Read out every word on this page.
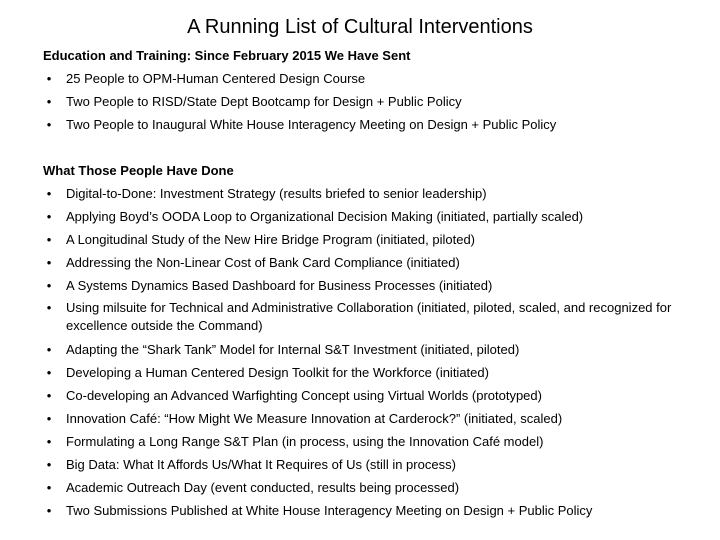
A Running List of Cultural Interventions
Education and Training: Since February 2015 We Have Sent
• 25 People to OPM-Human Centered Design Course
• Two People to RISD/State Dept Bootcamp for Design + Public Policy
• Two People to Inaugural White House Interagency Meeting on Design + Public Policy
What Those People Have Done
• Digital-to-Done: Investment Strategy (results briefed to senior leadership)
• Applying Boyd’s OODA Loop to Organizational Decision Making (initiated, partially scaled)
• A Longitudinal Study of the New Hire Bridge Program (initiated, piloted)
• Addressing the Non-Linear Cost of Bank Card Compliance (initiated)
• A Systems Dynamics Based Dashboard for Business Processes (initiated)
• Using milsuite for Technical and Administrative Collaboration (initiated, piloted, scaled, and recognized for excellence outside the Command)
• Adapting the “Shark Tank” Model for Internal S&T Investment (initiated, piloted)
• Developing a Human Centered Design Toolkit for the Workforce (initiated)
• Co-developing an Advanced Warfighting Concept using Virtual Worlds (prototyped)
• Innovation Café: “How Might We Measure Innovation at Carderock?” (initiated, scaled)
• Formulating a Long Range S&T Plan (in process, using the Innovation Café model)
• Big Data: What It Affords Us/What It Requires of Us (still in process)
• Academic Outreach Day (event conducted, results being processed)
• Two Submissions Published at White House Interagency Meeting on Design + Public Policy
